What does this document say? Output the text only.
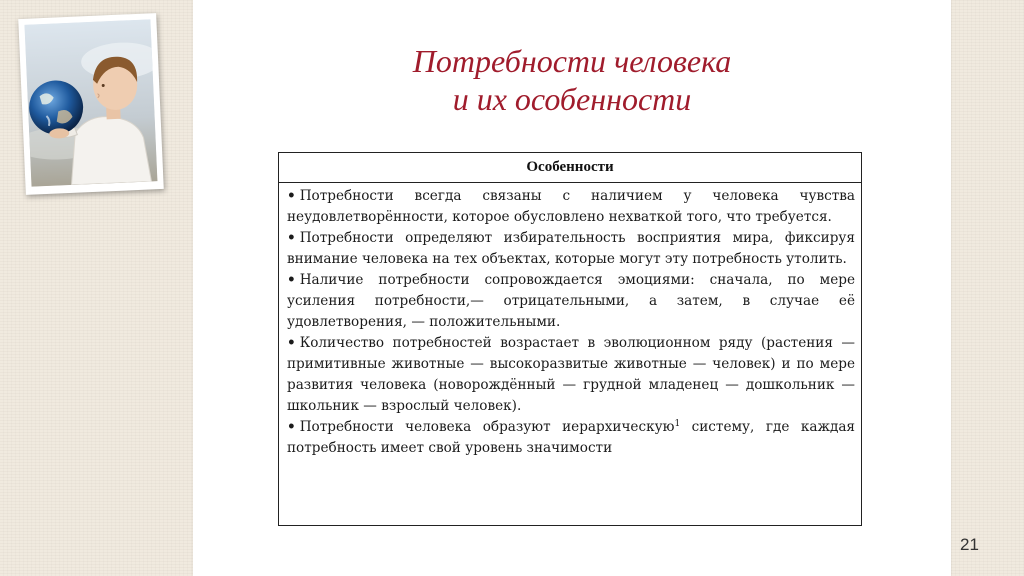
Потребности человека
и их особенности
Особенности

• Потребности всегда связаны с наличием у человека чувства неудовлетворённости, которое обусловлено нехваткой того, что требуется.

• Потребности определяют избирательность восприятия мира, фиксируя внимание человека на тех объектах, которые могут эту потребность утолить.

• Наличие потребности сопровождается эмоциями: сначала, по мере усиления потребности,— отрицательными, а затем, в случае её удовлетворения, — положительными.

• Количество потребностей возрастает в эволюционном ряду (растения — примитивные животные — высокоразвитые животные — человек) и по мере развития человека (новорождённый — грудной младенец — дошкольник — школьник — взрослый человек).

• Потребности человека образуют иерархическую$^1$ систему, где каждая потребность имеет свой уровень значимости

21
